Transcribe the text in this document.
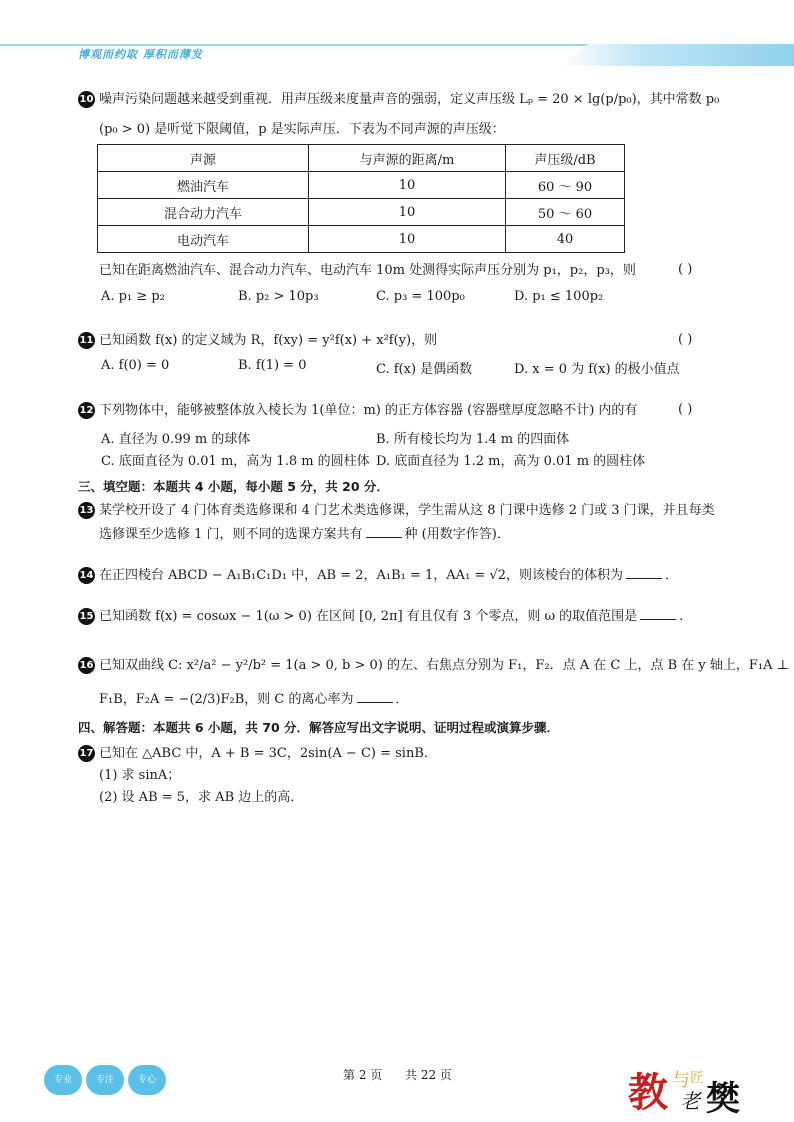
博观而约取 厚积而薄发
10 噪声污染问题越来越受到重视．用声压级来度量声音的强弱，定义声压级 Lₚ = 20 × lg(p/p₀)，其中常数 p₀
(p₀ > 0) 是听觉下限阈值，p 是实际声压．下表为不同声源的声压级：
声源	与声源的距离/m	声压级/dB
燃油汽车	10	60 ～ 90
混合动力汽车	10	50 ～ 60
电动汽车	10	40
已知在距离燃油汽车、混合动力汽车、电动汽车 10m 处测得实际声压分别为 p₁，p₂，p₃，则	( )
A. p₁ ≥ p₂	B. p₂ > 10p₃	C. p₃ = 100p₀	D. p₁ ≤ 100p₂
11 已知函数 f(x) 的定义域为 R，f(xy) = y²f(x) + x²f(y)，则	( )
A. f(0) = 0	B. f(1) = 0	C. f(x) 是偶函数	D. x = 0 为 f(x) 的极小值点
12 下列物体中，能够被整体放入棱长为 1(单位：m) 的正方体容器 (容器壁厚度忽略不计) 内的有	( )
A. 直径为 0.99 m 的球体	B. 所有棱长均为 1.4 m 的四面体
C. 底面直径为 0.01 m，高为 1.8 m 的圆柱体 D. 底面直径为 1.2 m，高为 0.01 m 的圆柱体
三、填空题：本题共 4 小题，每小题 5 分，共 20 分．
13 某学校开设了 4 门体育类选修课和 4 门艺术类选修课，学生需从这 8 门课中选修 2 门或 3 门课，并且每类
选修课至少选修 1 门，则不同的选课方案共有	种 (用数字作答)．
14 在正四棱台 ABCD − A₁B₁C₁D₁ 中，AB = 2，A₁B₁ = 1，AA₁ = √2，则该棱台的体积为	．
15 已知函数 f(x) = cosωx − 1(ω > 0) 在区间 [0, 2π] 有且仅有 3 个零点，则 ω 的取值范围是	．
16 已知双曲线 C: x²/a² − y²/b² = 1(a > 0, b > 0) 的左、右焦点分别为 F₁，F₂．点 A 在 C 上，点 B 在 y 轴上，F₁A ⊥
F₁B，F₂A = −(2/3)F₂B，则 C 的离心率为	．
四、解答题：本题共 6 小题，共 70 分．解答应写出文字说明、证明过程或演算步骤．
17 已知在 △ABC 中，A + B = 3C，2sin(A − C) = sinB．
(1) 求 sinA；
(2) 设 AB = 5，求 AB 边上的高．
专业	专注	专心	第 2 页 共 22 页	教 与 匠
老 樊
